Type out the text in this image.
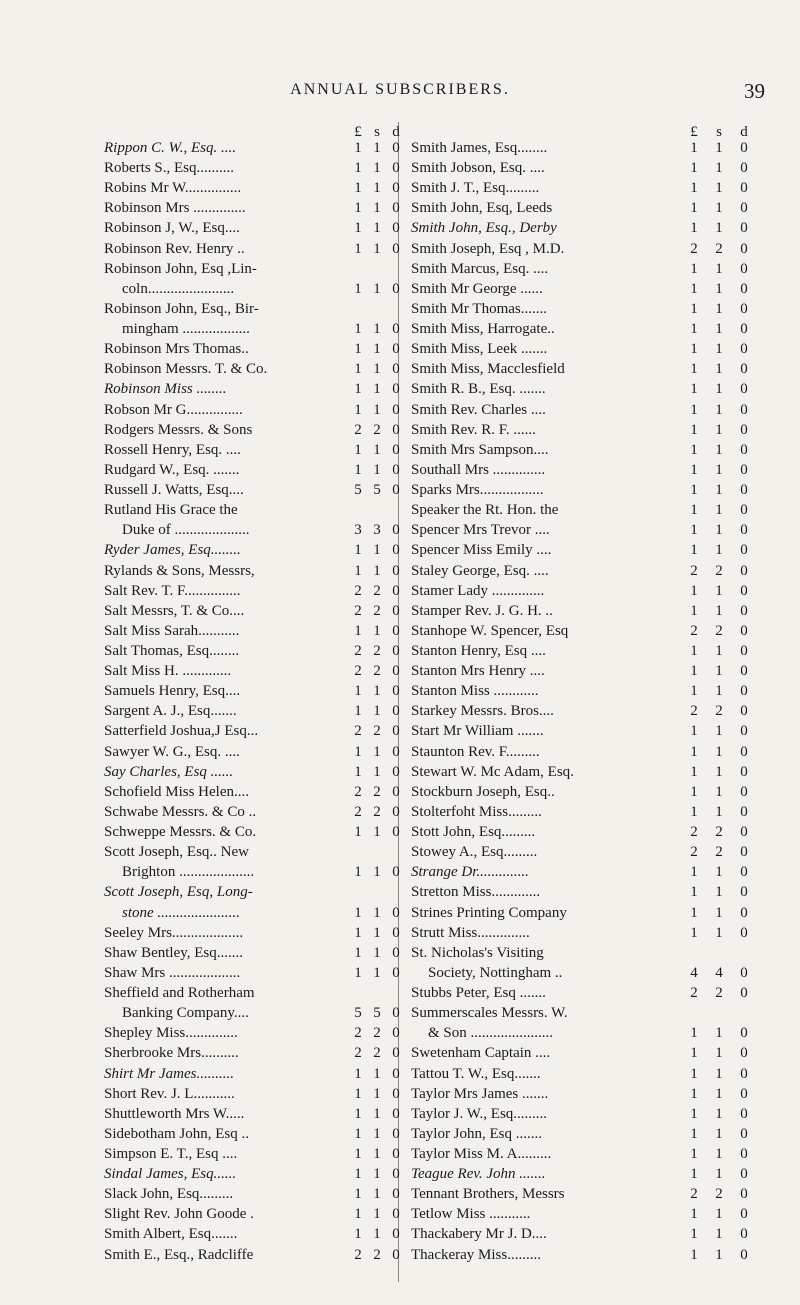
ANNUAL SUBSCRIBERS.	39
£ s d
Rippon C. W., Esq. ....	1 1 0
Roberts S., Esq..........	1 1 0
Robins Mr W...............	1 1 0
Robinson Mrs ..............	1 1 0
Robinson J, W., Esq....	1 1 0
Robinson Rev. Henry ..	1 1 0
Robinson John, Esq ,Lin-
coln.......................	1 1 0
Robinson John, Esq., Bir-
mingham ..................	1 1 0
Robinson Mrs Thomas..	1 1 0
Robinson Messrs. T. & Co.	1 1 0
Robinson Miss ........	1 1 0
Robson Mr G...............	1 1 0
Rodgers Messrs. & Sons	2 2 0
Rossell Henry, Esq. ....	1 1 0
Rudgard W., Esq. .......	1 1 0
Russell J. Watts, Esq....	5 5 0
Rutland His Grace the
Duke of ....................	3 3 0
Ryder James, Esq........	1 1 0
Rylands & Sons, Messrs,	1 1 0
Salt Rev. T. F...............	2 2 0
Salt Messrs, T. & Co....	2 2 0
Salt Miss Sarah...........	1 1 0
Salt Thomas, Esq........	2 2 0
Salt Miss H. .............	2 2 0
Samuels Henry, Esq....	1 1 0
Sargent A. J., Esq.......	1 1 0
Satterfield Joshua,J Esq...	2 2 0
Sawyer W. G., Esq. ....	1 1 0
Say Charles, Esq ......	1 1 0
Schofield Miss Helen....	2 2 0
Schwabe Messrs. & Co ..	2 2 0
Schweppe Messrs. & Co.	1 1 0
Scott Joseph, Esq.. New
Brighton ....................	1 1 0
Scott Joseph, Esq, Long-
stone ......................	1 1 0
Seeley Mrs...................	1 1 0
Shaw Bentley, Esq.......	1 1 0
Shaw Mrs ...................	1 1 0
Sheffield and Rotherham
Banking Company....	5 5 0
Shepley Miss..............	2 2 0
Sherbrooke Mrs..........	2 2 0
Shirt Mr James..........	1 1 0
Short Rev. J. L...........	1 1 0
Shuttleworth Mrs W.....	1 1 0
Sidebotham John, Esq ..	1 1 0
Simpson E. T., Esq ....	1 1 0
Sindal James, Esq......	1 1 0
Slack John, Esq.........	1 1 0
Slight Rev. John Goode .	1 1 0
Smith Albert, Esq.......	1 1 0
Smith E., Esq., Radcliffe	2 2 0
£	s	d
Smith James, Esq........	1 1 0
Smith Jobson, Esq. ....	1 1 0
Smith J. T., Esq.........	1 1 0
Smith John, Esq, Leeds	1 1 0
Smith John, Esq., Derby	1 1 0
Smith Joseph, Esq , M.D.	2 2 0
Smith Marcus, Esq. ....	1 1 0
Smith Mr George ......	1 1 0
Smith Mr Thomas.......	1 1 0
Smith Miss, Harrogate..	1 1 0
Smith Miss, Leek .......	1 1 0
Smith Miss, Macclesfield	1 1 0
Smith R. B., Esq. .......	1 1 0
Smith Rev. Charles ....	1 1 0
Smith Rev. R. F. ......	1 1 0
Smith Mrs Sampson....	1 1 0
Southall Mrs ..............	1 1 0
Sparks Mrs.................	1 1 0
Speaker the Rt. Hon. the	1 1 0
Spencer Mrs Trevor ....	1 1 0
Spencer Miss Emily ....	1 1 0
Staley George, Esq. ....	2 2 0
Stamer Lady ..............	1 1 0
Stamper Rev. J. G. H. ..	1 1 0
Stanhope W. Spencer, Esq	2 2 0
Stanton Henry, Esq ....	1 1 0
Stanton Mrs Henry ....	1 1 0
Stanton Miss ............	1 1 0
Starkey Messrs. Bros....	2 2 0
Start Mr William .......	1 1 0
Staunton Rev. F.........	1 1 0
Stewart W. Mc Adam, Esq.	1 1 0
Stockburn Joseph, Esq..	1 1 0
Stolterfoht Miss.........	1 1 0
Stott John, Esq.........	2 2 0
Stowey A., Esq.........	2 2 0
Strange Dr..............	1 1 0
Stretton Miss.............	1 1 0
Strines Printing Company	1 1 0
Strutt Miss..............	1 1 0
St. Nicholas's Visiting
Society, Nottingham ..	4 4 0
Stubbs Peter, Esq .......	2 2 0
Summerscales Messrs. W.
& Son ......................	1 1 0
Swetenham Captain ....	1 1 0
Tattou T. W., Esq.......	1 1 0
Taylor Mrs James .......	1 1 0
Taylor J. W., Esq.........	1 1 0
Taylor John, Esq .......	1 1 0
Taylor Miss M. A.........	1 1 0
Teague Rev. John .......	1 1 0
Tennant Brothers, Messrs	2 2 0
Tetlow Miss ...........	1 1 0
Thackabery Mr J. D....	1 1 0
Thackeray Miss.........	1 1 0
